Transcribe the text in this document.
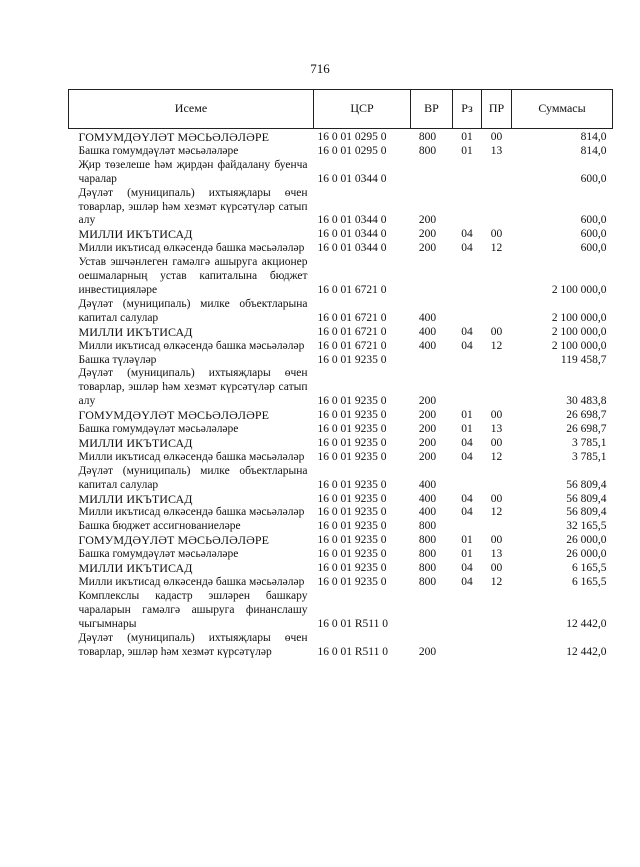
716
Исеме	ЦСР	ВР	Рз	ПР	Суммасы

ГОМУМДӘҮЛӘТ МӘСЬӘЛӘЛӘРЕ	16 0 01 0295 0	800	01	00	814,0
Башка гомумдәүләт мәсьәләләре	16 0 01 0295 0	800	01	13	814,0
Җир төзелеше һәм җирдән файдалану буенча чаралар	16 0 01 0344 0				600,0
Дәүләт (муниципаль) ихтыяҗлары өчен товарлар, эшләр һәм хезмәт күрсәтүләр сатып алу	16 0 01 0344 0	200			600,0
МИЛЛИ ИКЪТИСАД	16 0 01 0344 0	200	04	00	600,0
Милли икътисад өлкәсендә башка мәсьәләләр	16 0 01 0344 0	200	04	12	600,0
Устав эшчәнлеген гамәлгә ашыруга акционер оешмаларның устав капиталына бюджет инвестицияләре	16 0 01 6721 0				2 100 000,0
Дәүләт (муниципаль) милке объектларына капитал салулар	16 0 01 6721 0	400			2 100 000,0
МИЛЛИ ИКЪТИСАД	16 0 01 6721 0	400	04	00	2 100 000,0
Милли икътисад өлкәсендә башка мәсьәләләр	16 0 01 6721 0	400	04	12	2 100 000,0
Башка түләүләр	16 0 01 9235 0				119 458,7
Дәүләт (муниципаль) ихтыяҗлары өчен товарлар, эшләр һәм хезмәт күрсәтүләр сатып алу	16 0 01 9235 0	200			30 483,8
ГОМУМДӘҮЛӘТ МӘСЬӘЛӘЛӘРЕ	16 0 01 9235 0	200	01	00	26 698,7
Башка гомумдәүләт мәсьәләләре	16 0 01 9235 0	200	01	13	26 698,7
МИЛЛИ ИКЪТИСАД	16 0 01 9235 0	200	04	00	3 785,1
Милли икътисад өлкәсендә башка мәсьәләләр	16 0 01 9235 0	200	04	12	3 785,1
Дәүләт (муниципаль) милке объектларына капитал салулар	16 0 01 9235 0	400			56 809,4
МИЛЛИ ИКЪТИСАД	16 0 01 9235 0	400	04	00	56 809,4
Милли икътисад өлкәсендә башка мәсьәләләр	16 0 01 9235 0	400	04	12	56 809,4
Башка бюджет ассигнованиеләре	16 0 01 9235 0	800			32 165,5
ГОМУМДӘҮЛӘТ МӘСЬӘЛӘЛӘРЕ	16 0 01 9235 0	800	01	00	26 000,0
Башка гомумдәүләт мәсьәләләре	16 0 01 9235 0	800	01	13	26 000,0
МИЛЛИ ИКЪТИСАД	16 0 01 9235 0	800	04	00	6 165,5
Милли икътисад өлкәсендә башка мәсьәләләр	16 0 01 9235 0	800	04	12	6 165,5
Комплекслы кадастр эшләрен башкару чараларын гамәлгә ашыруга финанслашу чыгымнары	16 0 01 R511 0				12 442,0
Дәүләт (муниципаль) ихтыяҗлары өчен товарлар, эшләр һәм хезмәт күрсәтүләр	16 0 01 R511 0	200			12 442,0
